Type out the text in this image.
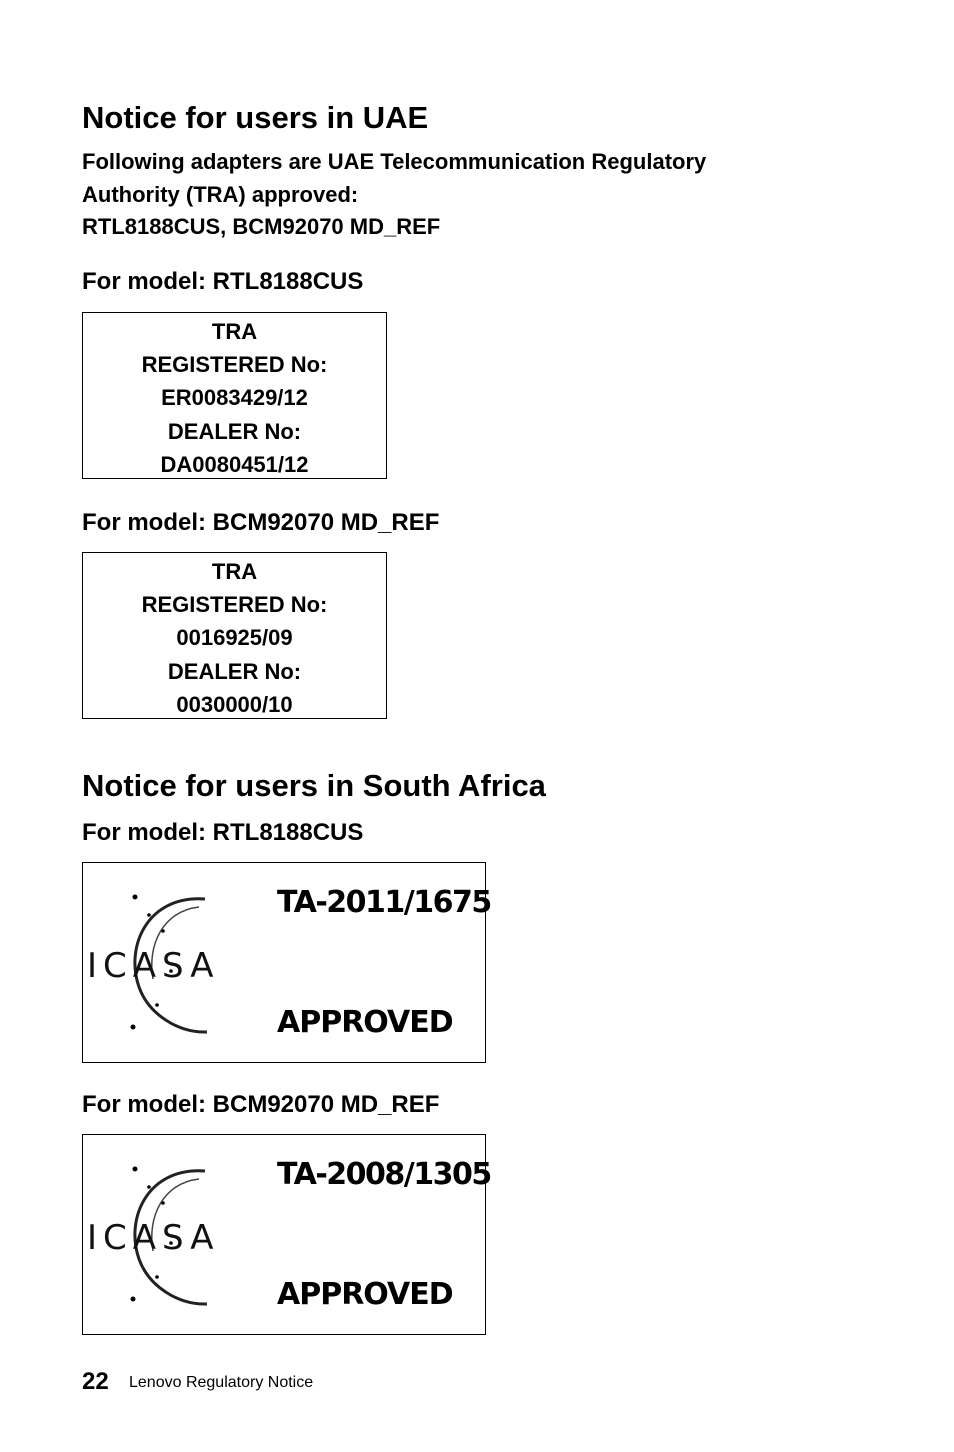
Notice for users in UAE
Following adapters are UAE Telecommunication Regulatory
Authority (TRA) approved:
RTL8188CUS, BCM92070 MD_REF
For model: RTL8188CUS
TRA
REGISTERED No:
ER0083429/12
DEALER No:
DA0080451/12
For model: BCM92070 MD_REF
TRA
REGISTERED No:
0016925/09
DEALER No:
0030000/10
Notice for users in South Africa
For model: RTL8188CUS
ICASA
TA-2011/1675
APPROVED
For model: BCM92070 MD_REF
ICASA
TA-2008/1305
APPROVED
22 Lenovo Regulatory Notice
